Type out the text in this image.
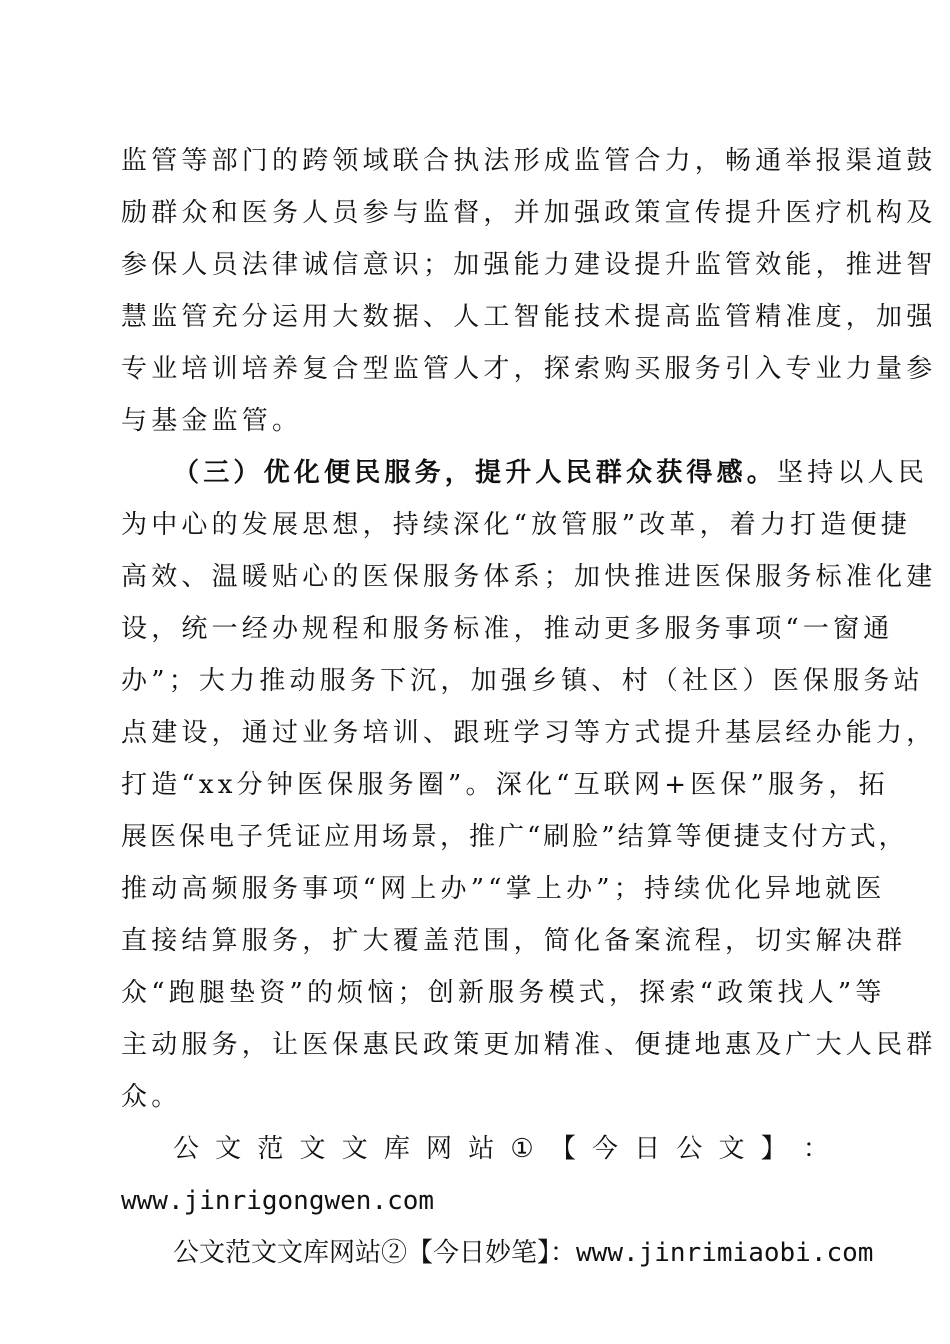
监管等部门的跨领域联合执法形成监管合力，畅通举报渠道鼓
励群众和医务人员参与监督，并加强政策宣传提升医疗机构及
参保人员法律诚信意识；加强能力建设提升监管效能，推进智
慧监管充分运用大数据、人工智能技术提高监管精准度，加强
专业培训培养复合型监管人才，探索购买服务引入专业力量参
与基金监管。
（三）优化便民服务，提升人民群众获得感。坚持以人民
为中心的发展思想，持续深化“放管服”改革，着力打造便捷
高效、温暖贴心的医保服务体系；加快推进医保服务标准化建
设，统一经办规程和服务标准，推动更多服务事项“一窗通
办”；大力推动服务下沉，加强乡镇、村（社区）医保服务站
点建设，通过业务培训、跟班学习等方式提升基层经办能力，
打造“xx分钟医保服务圈”。深化“互联网+医保”服务，拓
展医保电子凭证应用场景，推广“刷脸”结算等便捷支付方式，
推动高频服务事项“网上办”“掌上办”；持续优化异地就医
直接结算服务，扩大覆盖范围，简化备案流程，切实解决群
众“跑腿垫资”的烦恼；创新服务模式，探索“政策找人”等
主动服务，让医保惠民政策更加精准、便捷地惠及广大人民群
众。
公 文 范 文 文 库 网 站 ① 【 今 日 公 文 】 ：
www.jinrigongwen.com
公文范文文库网站②【今日妙笔】：www.jinrimiaobi.com
